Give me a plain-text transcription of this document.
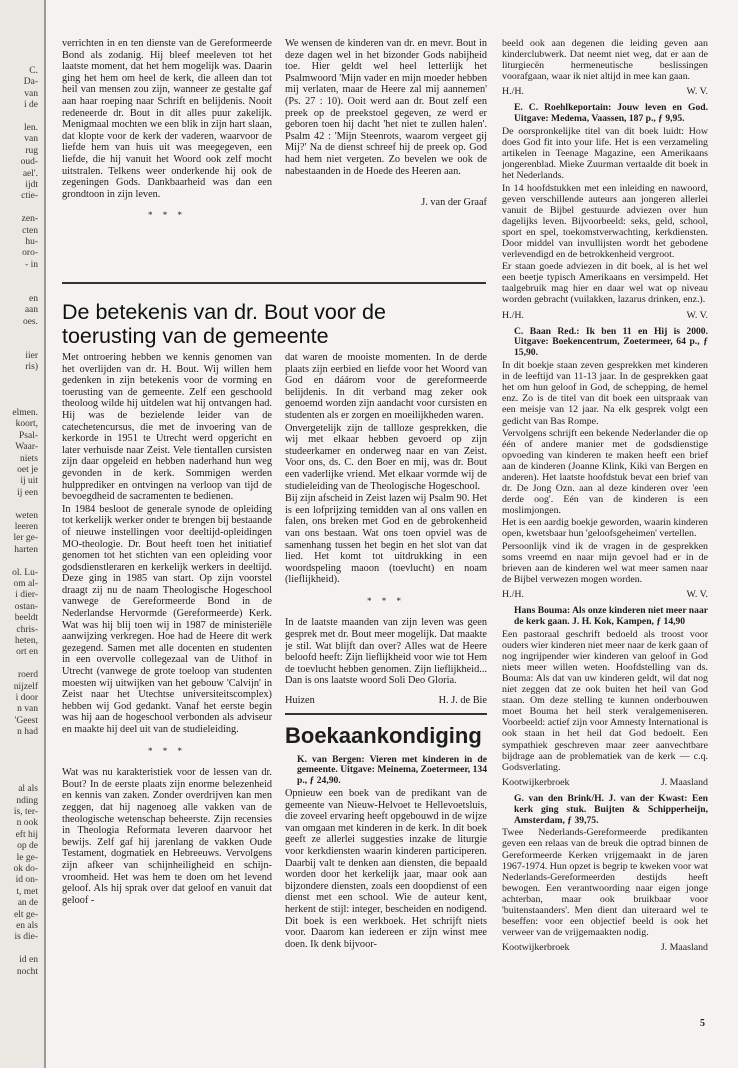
C.
Da-
van
i de
len.
van
rug
oud-
ael'.
ijdt
ctie-
zen-
cten
hu-
oro-
- in
en
aan
oes.
iier
ris)
elmen.
koort,
Psal-
Waar-
niets
oet je
ij uit
ij een
weten
leeren
ler ge-
harten
ol. Lu-
om al-
i dier-
ostan-
beeldt
chris-
heten,
ort en
roerd
nijzelf
i door
n van
'Geest
n had
al als
nding
is, ter-
n ook
eft hij
op de
le ge-
ok do-
id on-
t, met
an de
elt ge-
en als
is die-
id en
nocht

verrichten in en ten dienste van de Gereformeerde Bond als zodanig. Hij bleef meeleven tot het laatste moment, dat het hem mogelijk was. Daarin ging het hem om heel de kerk, die alleen dan tot heil van mensen zou zijn, wanneer ze gestalte gaf aan haar roeping naar Schrift en belijdenis. Nooit redeneerde dr. Bout in dit alles puur zakelijk. Menigmaal mochten we een blik in zijn hart slaan, dat klopte voor de kerk der vaderen, waarvoor de liefde hem van huis uit was meegegeven, een liefde, die hij vanuit het Woord ook zelf mocht uitstralen. Telkens weer onderkende hij ook de zegeningen Gods. Dankbaarheid was dan een grondtoon in zijn leven.

* * *

We wensen de kinderen van dr. en mevr. Bout in deze dagen wel in het bizonder Gods nabijheid toe. Hier geldt wel heel letterlijk het Psalmwoord 'Mijn vader en mijn moeder hebben mij verlaten, maar de Heere zal mij aannemen' (Ps. 27 : 10). Ooit werd aan dr. Bout zelf een preek op de preekstoel gegeven, ze werd er geboren toen hij dacht 'het niet te zullen halen'. Psalm 42 : 'Mijn Steenrots, waarom vergeet gij Mij?' Na de dienst schreef hij de preek op. God had hem niet vergeten. Zo bevelen we ook de nabestaanden in de Hoede des Heeren aan.

J. van der Graaf
De betekenis van dr. Bout voor de toerusting van de gemeente

Met ontroering hebben we kennis genomen van het overlijden van dr. H. Bout. Wij willen hem gedenken in zijn betekenis voor de vorming en toerusting van de gemeente. Zelf een geschoold theoloog wilde hij uitdelen wat hij ontvangen had. Hij was de bezielende leider van de catechetencursus, die met de invoering van de kerkorde in 1951 te Utrecht werd opgericht en later verhuisde naar Zeist. Vele tientallen cursisten zijn daar opgeleid en hebben naderhand hun weg gevonden in de kerk. Sommigen werden hulpprediker en ontvingen na verloop van tijd de bevoegdheid de sacramenten te bedienen.

In 1984 besloot de generale synode de opleiding tot kerkelijk werker onder te brengen bij bestaande of nieuwe instellingen voor deeltijd-opleidingen MO-theologie. Dr. Bout heeft toen het initiatief genomen tot het stichten van een opleiding voor godsdienstleraren en kerkelijk werkers in deeltijd. Deze ging in 1985 van start. Op zijn voorstel draagt zij nu de naam Theologische Hogeschool vanwege de Gereformeerde Bond in de Nederlandse Hervormde (Gereformeerde) Kerk. Wat was hij blij toen wij in 1987 de ministeriële aanwijzing verkregen. Hoe had de Heere dit werk gezegend. Samen met alle docenten en studenten in een overvolle collegezaal van de Uithof in Utrecht (vanwege de grote toeloop van studenten moesten wij uitwijken van het gebouw 'Calvijn' in Zeist naar het Utechtse universiteitscomplex) hebben wij God gedankt. Vanaf het eerste begin was hij aan de hogeschool verbonden als adviseur en maakte hij deel uit van de studieleiding.

* * *

Wat was nu karakteristiek voor de lessen van dr. Bout? In de eerste plaats zijn enorme belezenheid en kennis van zaken. Zonder overdrijven kan men zeggen, dat hij nagenoeg alle vakken van de theologische wetenschap beheerste. Zijn recensies in Theologia Reformata leveren daarvoor het bewijs. Zelf gaf hij jarenlang de vakken Oude Testament, dogmatiek en Hebreeuws. Vervolgens zijn afkeer van schijnheiligheid en schijn-vroomheid. Het was hem te doen om het levend geloof. Als hij sprak over dat geloof en vanuit dat geloof -

dat waren de mooiste momenten. In de derde plaats zijn eerbied en liefde voor het Woord van God en dáárom voor de gereformeerde belijdenis. In dit verband mag zeker ook genoemd worden zijn aandacht voor cursisten en studenten als er zorgen en moeilijkheden waren.

Onvergetelijk zijn de tallloze gesprekken, die wij met elkaar hebben gevoerd op zijn studeerkamer en onderweg naar en van Zeist. Voor ons, ds. C. den Boer en mij, was dr. Bout een vaderlijke vriend. Met elkaar vormde wij de studieleiding van de Theologische Hogeschool.

Bij zijn afscheid in Zeist lazen wij Psalm 90. Het is een lofprijzing temidden van al ons vallen en falen, ons breken met God en de gebrokenheid van ons bestaan. Wat ons toen opviel was de samenhang tussen het begin en het slot van dat lied. Het komt tot uitdrukking in een woordspeling maoon (toevlucht) en noam (lieflijkheid).

* * *

In de laatste maanden van zijn leven was geen gesprek met dr. Bout meer mogelijk. Dat maakte je stil. Wat blijft dan over? Alles wat de Heere beloofd heeft: Zijn lieflijkheid voor wie tot Hem de toevlucht hebben genomen. Zijn lieflijkheid... Dan is ons laatste woord Soli Deo Gloria.

Huizen	H. J. de Bie
Boekaankondiging
K. van Bergen: Vieren met kinderen in de gemeente. Uitgave: Meinema, Zoetermeer, 134 p., ƒ 24,90.

Opnieuw een boek van de predikant van de gemeente van Nieuw-Helvoet te Hellevoetsluis, die zoveel ervaring heeft opgebouwd in de wijze van omgaan met kinderen in de kerk. In dit boek geeft ze allerlei suggesties inzake de liturgie voor kerkdiensten waarin kinderen participeren. Daarbij valt te denken aan diensten, die bepaald worden door het kerkelijk jaar, maar ook aan bijzondere diensten, zoals een doopdienst of een dienst met een school. Wie de auteur kent, herkent de stijl: integer, bescheiden en nodigend. Dit boek is een werkboek. Het schrijft niets voor. Daarom kan iedereen er zijn winst mee doen. Ik denk bijvoor-

beeld ook aan degenen die leiding geven aan kinderclubwerk. Dat neemt niet weg, dat er aan de liturgiecën hermeneutische beslissingen voorafgaan, waar ik niet altijd in mee kan gaan.

H./H.	W. V.
E. C. Roehlkeportain: Jouw leven en God. Uitgave: Medema, Vaassen, 187 p., ƒ 9,95.

De oorspronkelijke titel van dit boek luidt: How does God fit into your life. Het is een verzameling artikelen in Teenage Magazine, een Amerikaans jongerenblad. Mieke Zuurman vertaalde dit boek in het Nederlands.

In 14 hoofdstukken met een inleiding en nawoord, geven verschillende auteurs aan jongeren allerlei vanuit de Bijbel gestuurde adviezen over hun dagelijks leven. Bijvoorbeeld: seks, geld, school, sport en spel, toekomstverwachting, kerkdiensten. Door middel van invullijsten wordt het gebodene verlevendigd en de betrokkenheid vergroot.

Er staan goede adviezen in dit boek, al is het wel een beetje typisch Amerikaans en versimpeld. Het taalgebruik mag hier en daar wel wat op niveau worden gebracht (vuilakken, lazarus drinken, enz.).

H./H.	W. V.
C. Baan Red.: Ik ben 11 en Hij is 2000. Uitgave: Boekencentrum, Zoetermeer, 64 p., ƒ 15,90.

In dit boekje staan zeven gesprekken met kinderen in de leeftijd van 11-13 jaar. In de gesprekken gaat het om hun geloof in God, de schepping, de hemel enz. Zo is de titel van dit boek een uitspraak van een meisje van 12 jaar. Na elk gesprek volgt een gedicht van Bas Rompe.

Vervolgens schrijft een bekende Nederlander die op één of andere manier met de godsdienstige opvoeding van kinderen te maken heeft een brief aan de kinderen (Joanne Klink, Kiki van Bergen en anderen). Het laatste hoofdstuk bevat een brief van dr. De Jong Ozn. aan al deze kinderen over 'een derde oog'. Eén van de kinderen is een moslimjongen.

Het is een aardig boekje geworden, waarin kinderen open, kwetsbaar hun 'geloofsgeheimen' vertellen.

Persoonlijk vind ik de vragen in de gesprekken soms vreemd en naar mijn gevoel had er in de brieven aan de kinderen wel wat meer samen naar de Bijbel verwezen mogen worden.

H./H.	W. V.
Hans Bouma: Als onze kinderen niet meer naar de kerk gaan. J. H. Kok, Kampen, ƒ 14,90

Een pastoraal geschrift bedoeld als troost voor ouders wier kinderen niet meer naar de kerk gaan of nog ingrijpender wier kinderen van geloof in God niets meer willen weten. Hoofdstelling van ds. Bouma: Als dat van uw kinderen geldt, wil dat nog niet zeggen dat ze ook buiten het heil van God staan. Om deze stelling te kunnen onderbouwen moet Bouma het heil sterk veralgemeniseren. Voorbeeld: actief zijn voor Amnesty International is ook staan in het heil dat God bedoelt. Een sympathiek geschreven maar zeer aanvechtbare bijdrage aan de problematiek van de kerk — c.q. Godsverlating.

Kootwijkerbroek	J. Maasland
G. van den Brink/H. J. van der Kwast: Een kerk ging stuk. Buijten & Schipperheijn, Amsterdam, ƒ 39,75.

Twee Nederlands-Gereformeerde predikanten geven een relaas van de breuk die optrad binnen de Gereformeerde Kerken vrijgemaakt in de jaren 1967-1974. Hun opzet is begrip te kweken voor wat Nederlands-Gereformeerden destijds heeft bewogen. Een verantwoording naar eigen jonge achterban, maar ook bruikbaar voor 'buitenstaanders'. Men dient dan uiteraard wel te beseffen: voor een objectief beeld is ook het verweer van de vrijgemaakten nodig.

Kootwijkerbroek	J. Maasland
5
